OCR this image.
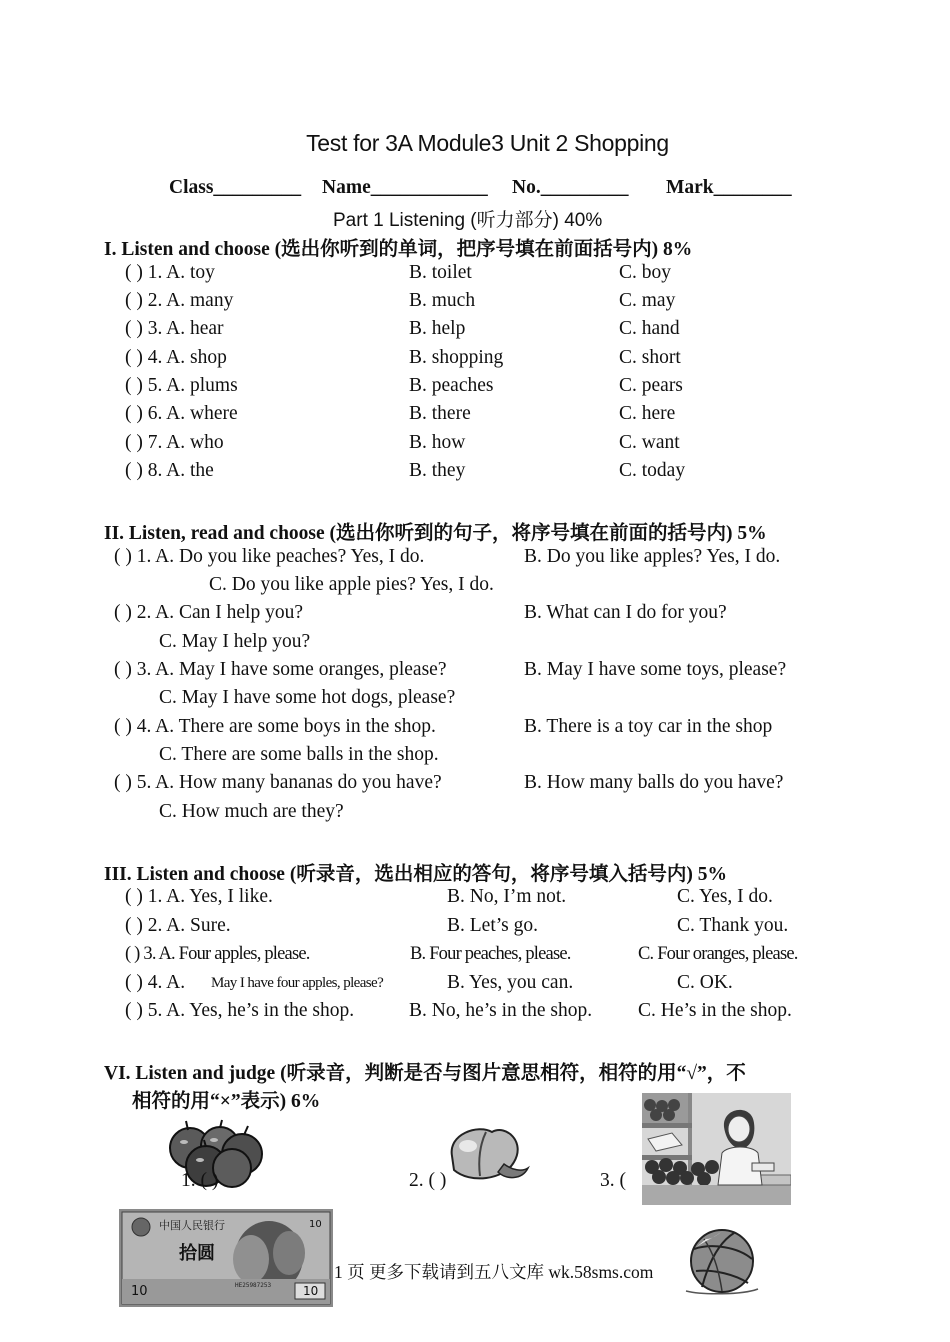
Test for 3A Module3 Unit 2 Shopping
Class_________ Name____________ No._________ Mark________
Part 1 Listening (听力部分) 40%
I. Listen and choose (选出你听到的单词，把序号填在前面括号内) 8%
( ) 1. A. toy	B. toilet	C. boy
( ) 2. A. many	B. much	C. may
( ) 3. A. hear	B. help	C. hand
( ) 4. A. shop	B. shopping	C. short
( ) 5. A. plums	B. peaches	C. pears
( ) 6. A. where	B. there	C. here
( ) 7. A. who	B. how	C. want
( ) 8. A. the	B. they	C. today
II. Listen, read and choose (选出你听到的句子，将序号填在前面的括号内) 5%
( ) 1. A. Do you like peaches? Yes, I do.	B. Do you like apples? Yes, I do.
C. Do you like apple pies? Yes, I do.
( ) 2. A. Can I help you?	B. What can I do for you?
C. May I help you?
( ) 3. A. May I have some oranges, please?	B. May I have some toys, please?
C. May I have some hot dogs, please?
( ) 4. A. There are some boys in the shop.	B. There is a toy car in the shop
C. There are some balls in the shop.
( ) 5. A. How many bananas do you have?	B. How many balls do you have?
C. How much are they?
III. Listen and choose (听录音，选出相应的答句，将序号填入括号内) 5%
( ) 1. A. Yes, I like.	B. No, I’m not.	C. Yes, I do.
( ) 2. A. Sure.	B. Let’s go.	C. Thank you.
( ) 3. A. Four apples, please.	B. Four peaches, please.	C. Four oranges, please.
( ) 4. A. May I have four apples, please?	B. Yes, you can.	C. OK.
( ) 5. A. Yes, he’s in the shop.	B. No, he’s in the shop. C. He’s in the shop.
VI. Listen and judge (听录音，判断是否与图片意思相符，相符的用“√”，不
相符的用“×”表示) 6%
1. ( )	2. ( )	3. (
中国人民银行
拾圆
10
10	HE25987253	10
1 页 更多下载请到五八文库 wk.58sms.com
